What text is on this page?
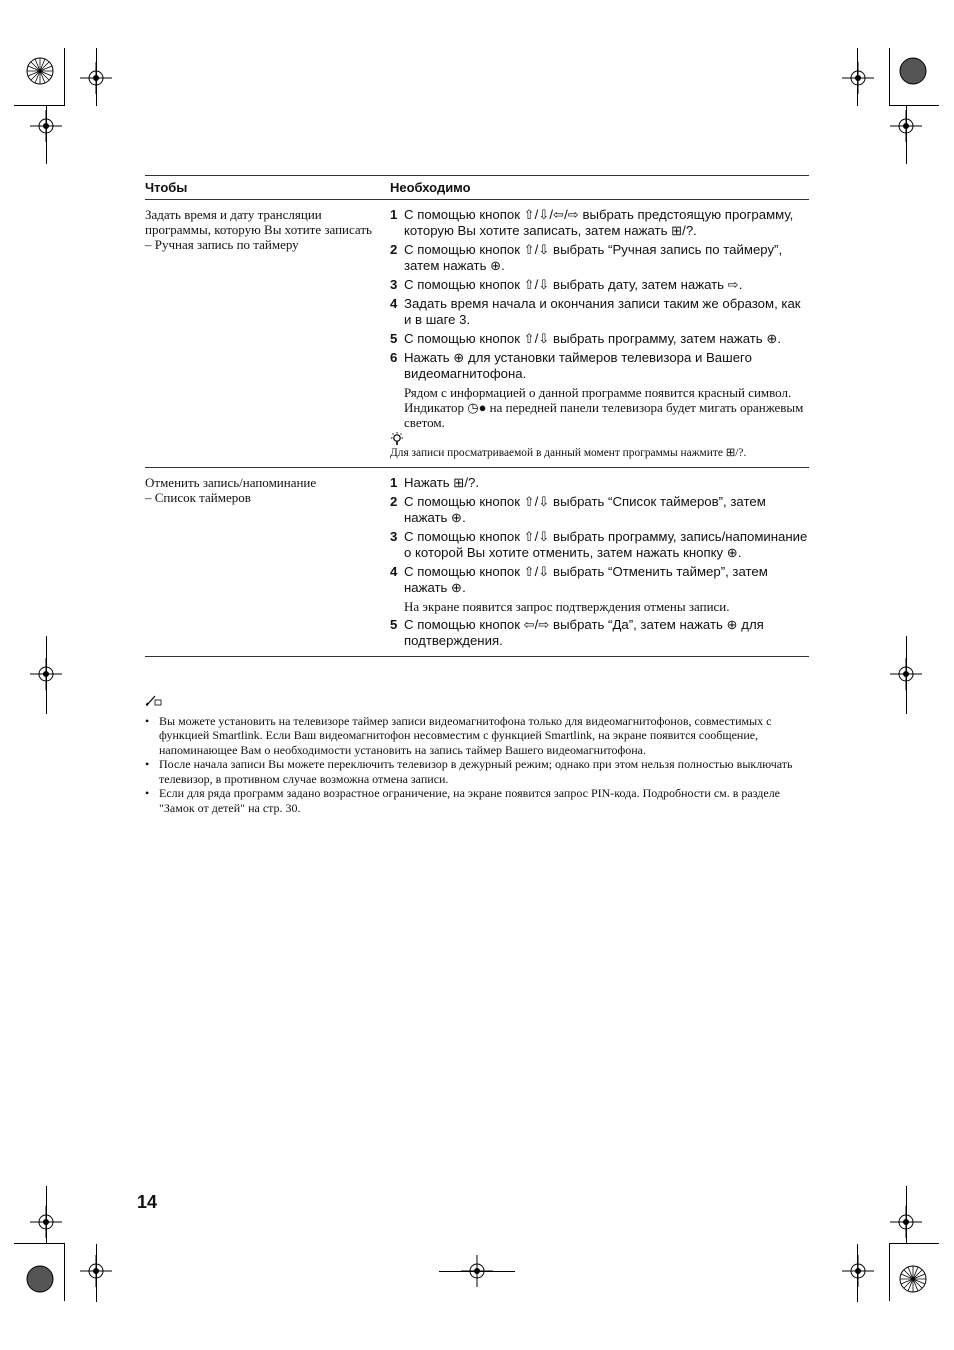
Чтобы	Необходимо
Задать время и дату трансляции программы, которую Вы хотите записать
– Ручная запись по таймеру
1 С помощью кнопок ⇧/⇩/⇦/⇨ выбрать предстоящую программу, которую Вы хотите записать, затем нажать ⊞/?.
2 С помощью кнопок ⇧/⇩ выбрать “Ручная запись по таймеру”, затем нажать ⊕.
3 С помощью кнопок ⇧/⇩ выбрать дату, затем нажать ⇨.
4 Задать время начала и окончания записи таким же образом, как и в шаге 3.
5 С помощью кнопок ⇧/⇩ выбрать программу, затем нажать ⊕.
6 Нажать ⊕ для установки таймеров телевизора и Вашего видеомагнитофона.
Рядом с информацией о данной программе появится красный символ. Индикатор ◷● на передней панели телевизора будет мигать оранжевым светом.
Для записи просматриваемой в данный момент программы нажмите ⊞/?.
Отменить запись/напоминание
– Список таймеров
1 Нажать ⊞/?.
2 С помощью кнопок ⇧/⇩ выбрать “Список таймеров”, затем нажать ⊕.
3 С помощью кнопок ⇧/⇩ выбрать программу, запись/напоминание о которой Вы хотите отменить, затем нажать кнопку ⊕.
4 С помощью кнопок ⇧/⇩ выбрать “Отменить таймер”, затем нажать ⊕.
На экране появится запрос подтверждения отмены записи.
5 С помощью кнопок ⇦/⇨ выбрать “Да”, затем нажать ⊕ для подтверждения.
• Вы можете установить на телевизоре таймер записи видеомагнитофона только для видеомагнитофонов, совместимых с функцией Smartlink. Если Ваш видеомагнитофон несовместим с функцией Smartlink, на экране появится сообщение, напоминающее Вам о необходимости установить на запись таймер Вашего видеомагнитофона.
• После начала записи Вы можете переключить телевизор в дежурный режим; однако при этом нельзя полностью выключать телевизор, в противном случае возможна отмена записи.
• Если для ряда программ задано возрастное ограничение, на экране появится запрос PIN-кода. Подробности см. в разделе "Замок от детей" на стр. 30.
14
